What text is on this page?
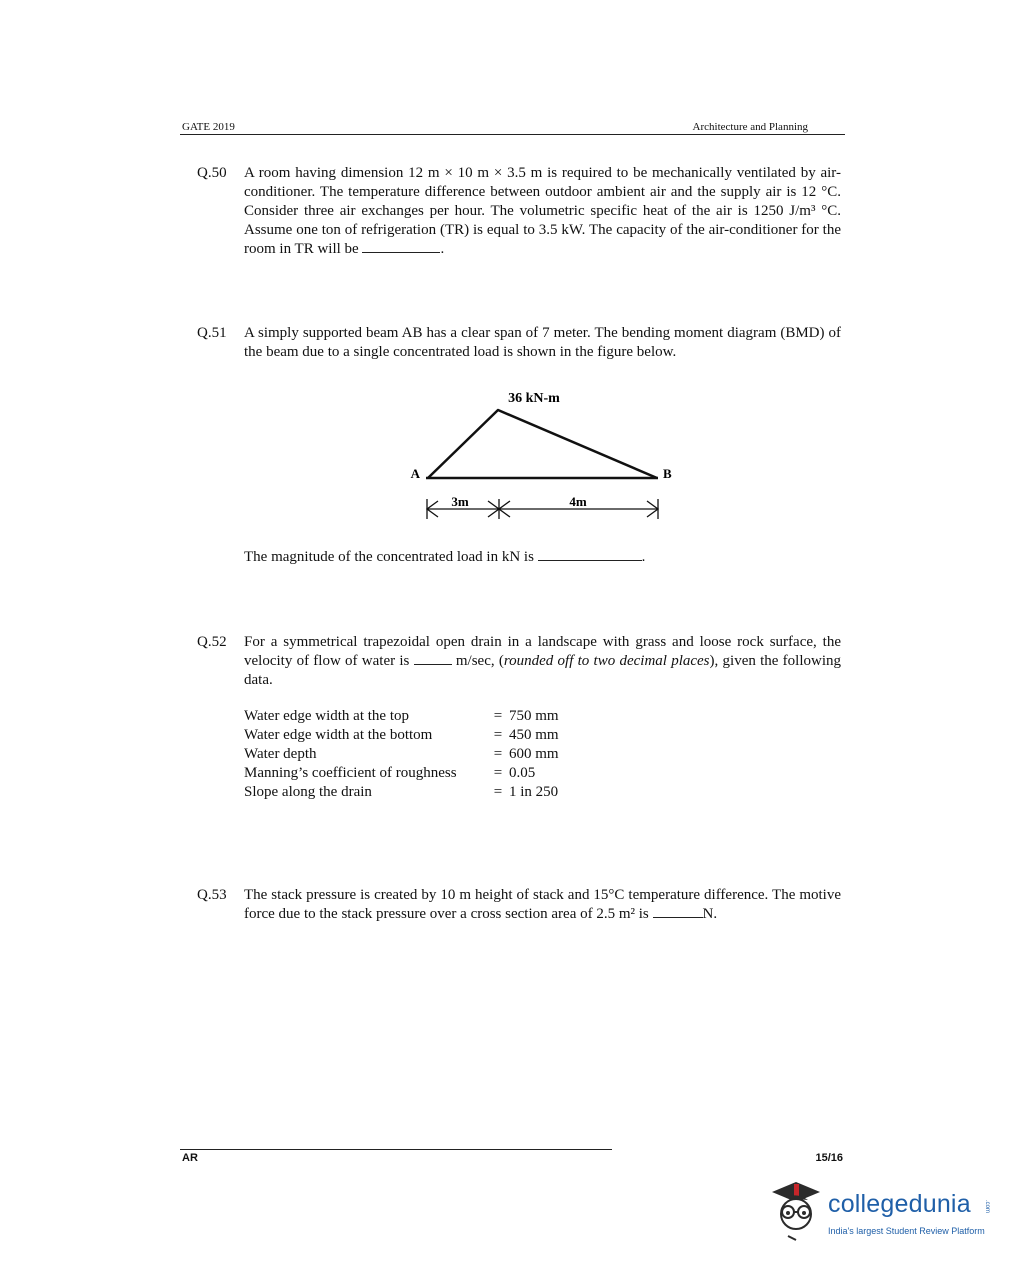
GATE 2019	Architecture and Planning
Q.50 A room having dimension 12 m × 10 m × 3.5 m is required to be mechanically ventilated by air-conditioner. The temperature difference between outdoor ambient air and the supply air is 12 °C. Consider three air exchanges per hour. The volumetric specific heat of the air is 1250 J/m³ °C. Assume one ton of refrigeration (TR) is equal to 3.5 kW. The capacity of the air-conditioner for the room in TR will be	.
Q.51 A simply supported beam AB has a clear span of 7 meter. The bending moment diagram (BMD) of the beam due to a single concentrated load is shown in the figure below.
36 kN-m
A	B
3m	4m
The magnitude of the concentrated load in kN is	.
Q.52 For a symmetrical trapezoidal open drain in a landscape with grass and loose rock surface, the velocity of flow of water is	m/sec, (rounded off to two decimal places), given the following data.
Water edge width at the top	=	750 mm
Water edge width at the bottom	=	450 mm
Water depth	=	600 mm
Manning’s coefficient of roughness	=	0.05
Slope along the drain	=	1 in 250
Q.53 The stack pressure is created by 10 m height of stack and 15°C temperature difference. The motive force due to the stack pressure over a cross section area of 2.5 m² is	N.
AR	15/16
collegedunia .com
India's largest Student Review Platform
